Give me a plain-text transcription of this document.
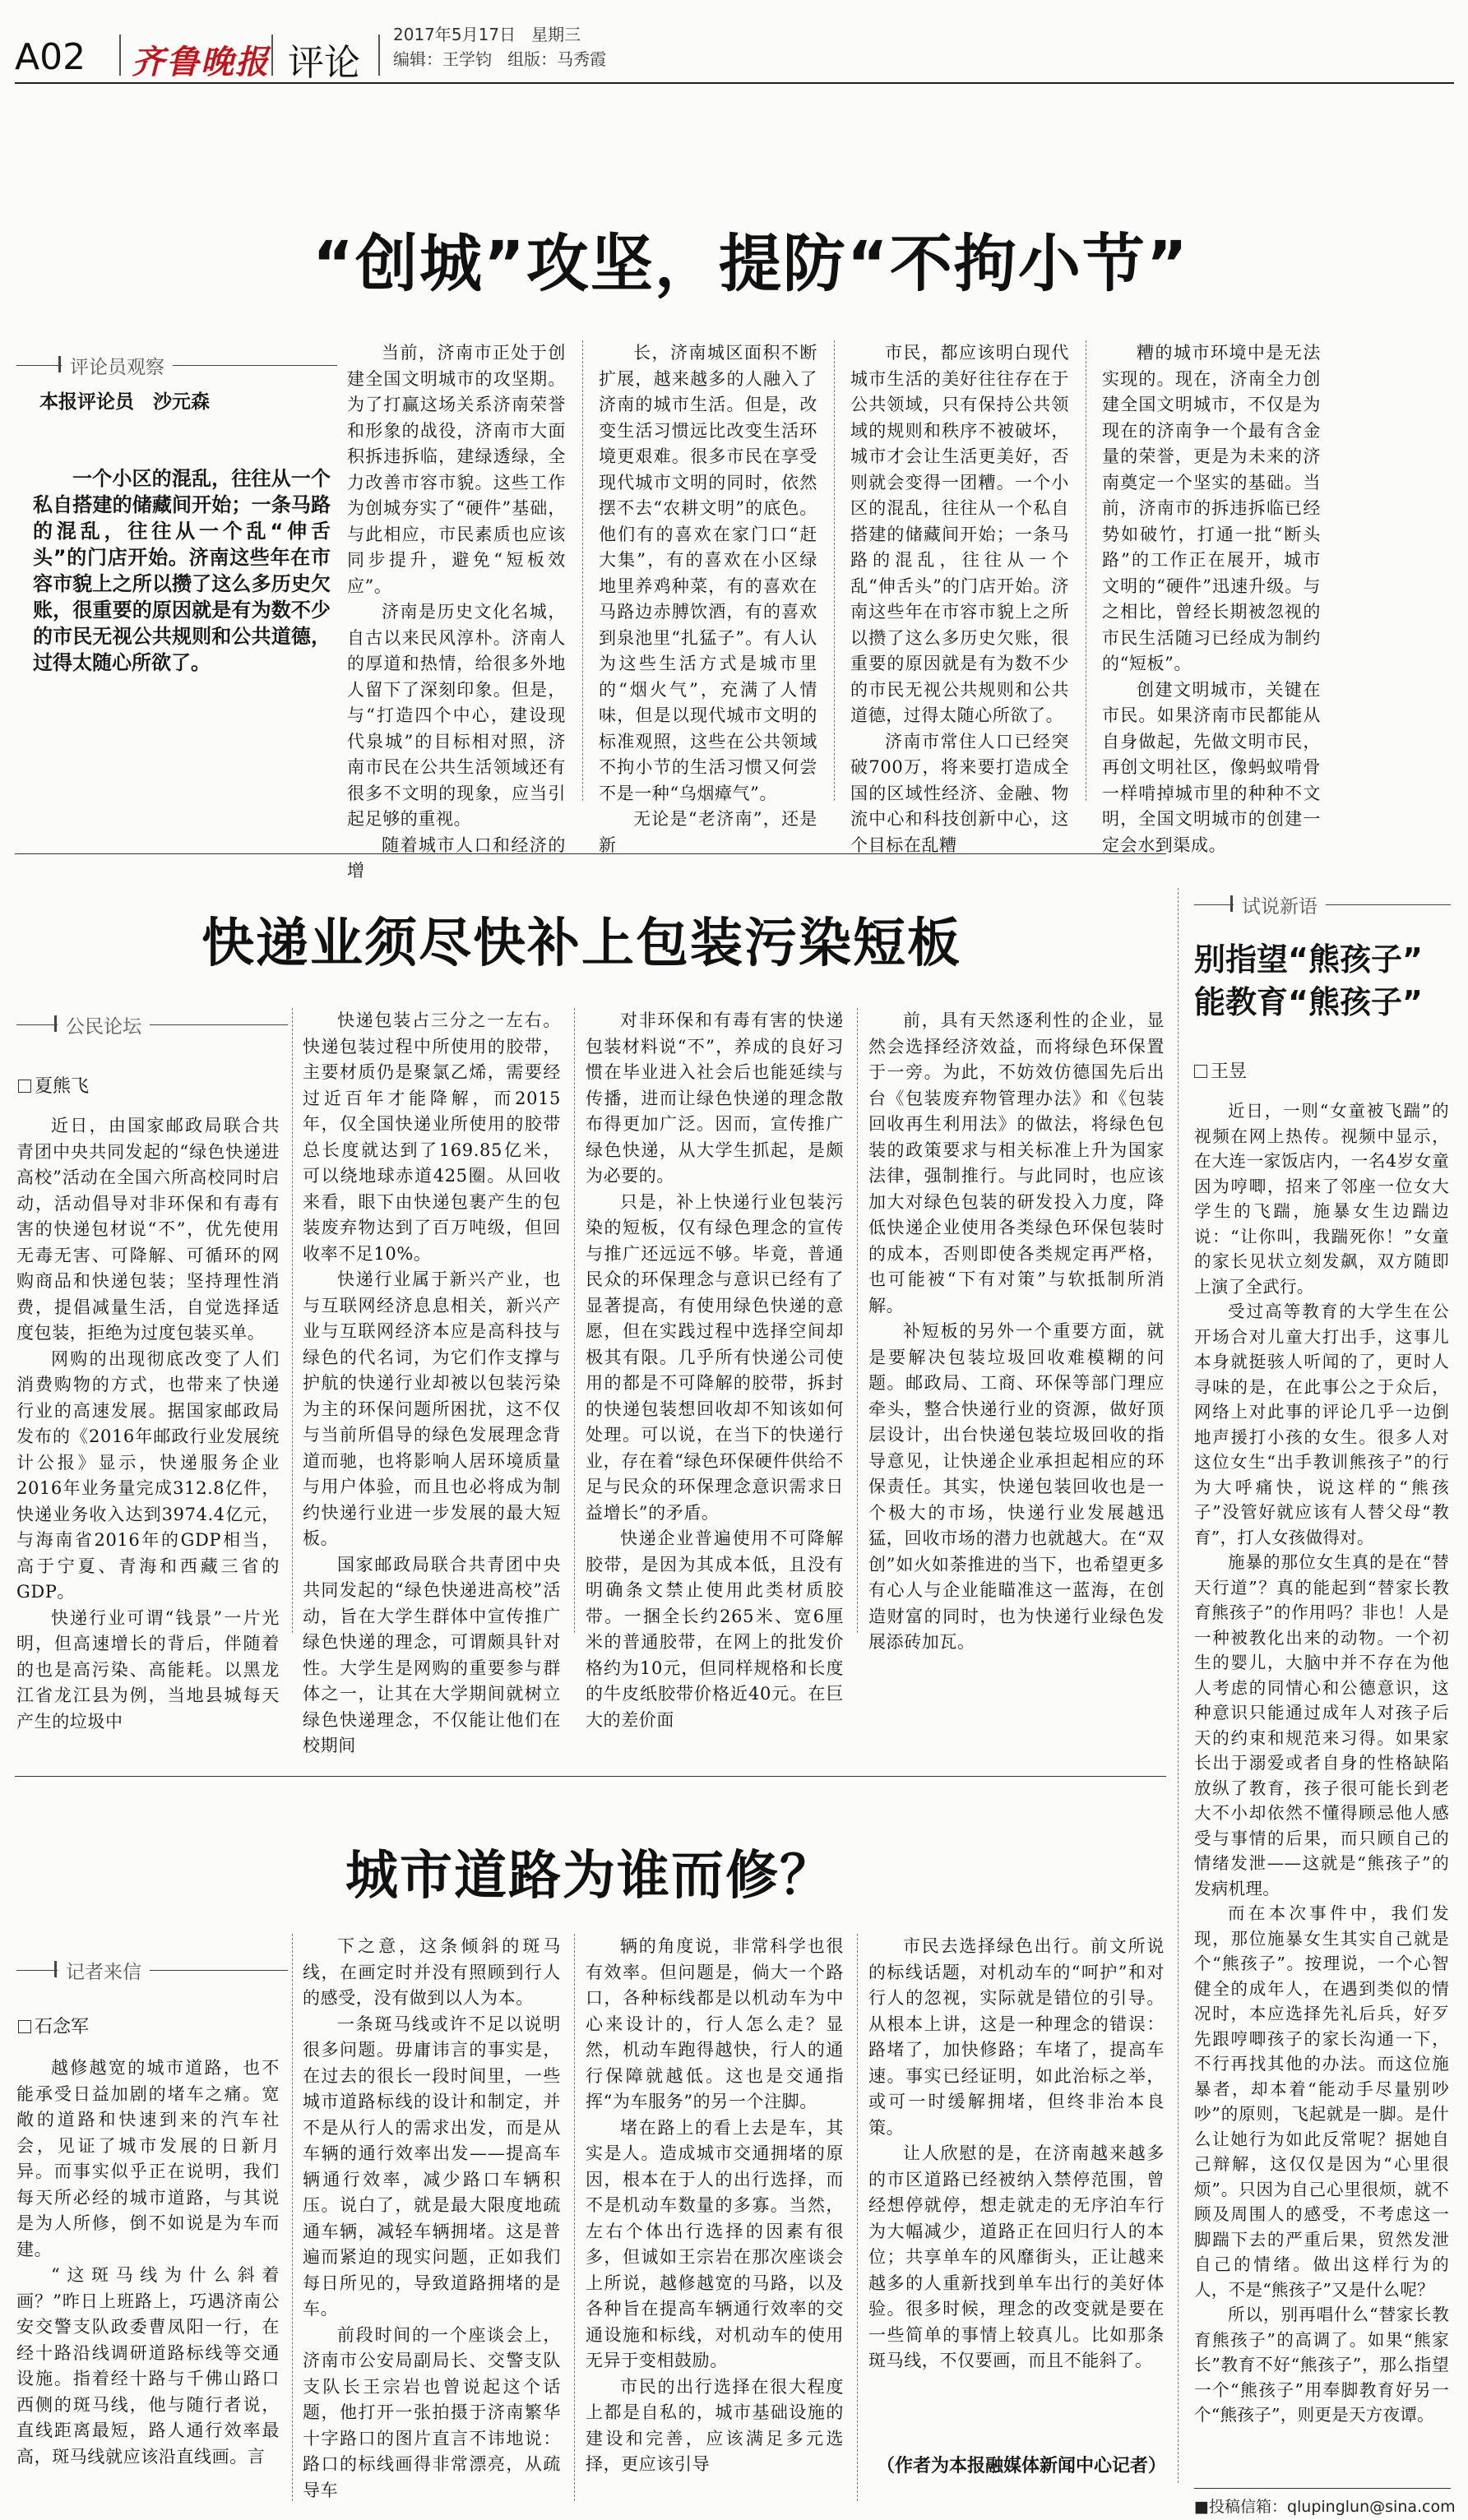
A02 齐鲁晚报 评论
2017年5月17日 星期三
编辑：王学钧 组版：马秀霞
“创城”攻坚，提防“不拘小节”
评论员观察
本报评论员　沙元森
一个小区的混乱，往往从一个私自搭建的储藏间开始；一条马路的混乱，往往从一个乱“伸舌头”的门店开始。济南这些年在市容市貌上之所以攒了这么多历史欠账，很重要的原因就是有为数不少的市民无视公共规则和公共道德，过得太随心所欲了。

当前，济南市正处于创建全国文明城市的攻坚期。为了打赢这场关系济南荣誉和形象的战役，济南市大面积拆违拆临，建绿透绿，全力改善市容市貌。这些工作为创城夯实了“硬件”基础，与此相应，市民素质也应该同步提升，避免“短板效应”。

济南是历史文化名城，自古以来民风淳朴。济南人的厚道和热情，给很多外地人留下了深刻印象。但是，与“打造四个中心，建设现代泉城”的目标相对照，济南市民在公共生活领域还有很多不文明的现象，应当引起足够的重视。

随着城市人口和经济的增

长，济南城区面积不断扩展，越来越多的人融入了济南的城市生活。但是，改变生活习惯远比改变生活环境更艰难。很多市民在享受现代城市文明的同时，依然摆不去“农耕文明”的底色。他们有的喜欢在家门口“赶大集”，有的喜欢在小区绿地里养鸡种菜，有的喜欢在马路边赤膊饮酒，有的喜欢到泉池里“扎猛子”。有人认为这些生活方式是城市里的“烟火气”，充满了人情味，但是以现代城市文明的标准观照，这些在公共领域不拘小节的生活习惯又何尝不是一种“乌烟瘴气”。

无论是“老济南”，还是新

市民，都应该明白现代城市生活的美好往往存在于公共领域，只有保持公共领域的规则和秩序不被破坏，城市才会让生活更美好，否则就会变得一团糟。一个小区的混乱，往往从一个私自搭建的储藏间开始；一条马路的混乱，往往从一个乱“伸舌头”的门店开始。济南这些年在市容市貌上之所以攒了这么多历史欠账，很重要的原因就是有为数不少的市民无视公共规则和公共道德，过得太随心所欲了。

济南市常住人口已经突破700万，将来要打造成全国的区域性经济、金融、物流中心和科技创新中心，这个目标在乱糟

糟的城市环境中是无法实现的。现在，济南全力创建全国文明城市，不仅是为现在的济南争一个最有含金量的荣誉，更是为未来的济南奠定一个坚实的基础。当前，济南市的拆违拆临已经势如破竹，打通一批“断头路”的工作正在展开，城市文明的“硬件”迅速升级。与之相比，曾经长期被忽视的市民生活随习已经成为制约的“短板”。

创建文明城市，关键在市民。如果济南市民都能从自身做起，先做文明市民，再创文明社区，像蚂蚁啃骨一样啃掉城市里的种种不文明，全国文明城市的创建一定会水到渠成。

快递业须尽快补上包装污染短板
公民论坛
夏熊飞

近日，由国家邮政局联合共青团中央共同发起的“绿色快递进高校”活动在全国六所高校同时启动，活动倡导对非环保和有毒有害的快递包材说“不”，优先使用无毒无害、可降解、可循环的网购商品和快递包装；坚持理性消费，提倡减量生活，自觉选择适度包装，拒绝为过度包装买单。

网购的出现彻底改变了人们消费购物的方式，也带来了快递行业的高速发展。据国家邮政局发布的《2016年邮政行业发展统计公报》显示，快递服务企业2016年业务量完成312.8亿件，快递业务收入达到3974.4亿元，与海南省2016年的GDP相当，高于宁夏、青海和西藏三省的GDP。

快递行业可谓“钱景”一片光明，但高速增长的背后，伴随着的也是高污染、高能耗。以黑龙江省龙江县为例，当地县城每天产生的垃圾中

快递包装占三分之一左右。快递包装过程中所使用的胶带，主要材质仍是聚氯乙烯，需要经过近百年才能降解，而2015年，仅全国快递业所使用的胶带总长度就达到了169.85亿米，可以绕地球赤道425圈。从回收来看，眼下由快递包裹产生的包装废弃物达到了百万吨级，但回收率不足10%。

快递行业属于新兴产业，也与互联网经济息息相关，新兴产业与互联网经济本应是高科技与绿色的代名词，为它们作支撑与护航的快递行业却被以包装污染为主的环保问题所困扰，这不仅与当前所倡导的绿色发展理念背道而驰，也将影响人居环境质量与用户体验，而且也必将成为制约快递行业进一步发展的最大短板。

国家邮政局联合共青团中央共同发起的“绿色快递进高校”活动，旨在大学生群体中宣传推广绿色快递的理念，可谓颇具针对性。大学生是网购的重要参与群体之一，让其在大学期间就树立绿色快递理念，不仅能让他们在校期间

对非环保和有毒有害的快递包装材料说“不”，养成的良好习惯在毕业进入社会后也能延续与传播，进而让绿色快递的理念散布得更加广泛。因而，宣传推广绿色快递，从大学生抓起，是颇为必要的。

只是，补上快递行业包装污染的短板，仅有绿色理念的宣传与推广还远远不够。毕竟，普通民众的环保理念与意识已经有了显著提高，有使用绿色快递的意愿，但在实践过程中选择空间却极其有限。几乎所有快递公司使用的都是不可降解的胶带，拆封的快递包装想回收却不知该如何处理。可以说，在当下的快递行业，存在着“绿色环保硬件供给不足与民众的环保理念意识需求日益增长”的矛盾。

快递企业普遍使用不可降解胶带，是因为其成本低，且没有明确条文禁止使用此类材质胶带。一捆全长约265米、宽6厘米的普通胶带，在网上的批发价格约为10元，但同样规格和长度的牛皮纸胶带价格近40元。在巨大的差价面

前，具有天然逐利性的企业，显然会选择经济效益，而将绿色环保置于一旁。为此，不妨效仿德国先后出台《包装废弃物管理办法》和《包装回收再生利用法》的做法，将绿色包装的政策要求与相关标准上升为国家法律，强制推行。与此同时，也应该加大对绿色包装的研发投入力度，降低快递企业使用各类绿色环保包装时的成本，否则即使各类规定再严格，也可能被“下有对策”与软抵制所消解。

补短板的另外一个重要方面，就是要解决包装垃圾回收难模糊的问题。邮政局、工商、环保等部门理应牵头，整合快递行业的资源，做好顶层设计，出台快递包装垃圾回收的指导意见，让快递企业承担起相应的环保责任。其实，快递包装回收也是一个极大的市场，快递行业发展越迅猛，回收市场的潜力也就越大。在“双创”如火如荼推进的当下，也希望更多有心人与企业能瞄准这一蓝海，在创造财富的同时，也为快递行业绿色发展添砖加瓦。

城市道路为谁而修？
记者来信
石念军

越修越宽的城市道路，也不能承受日益加剧的堵车之痛。宽敞的道路和快速到来的汽车社会，见证了城市发展的日新月异。而事实似乎正在说明，我们每天所必经的城市道路，与其说是为人所修，倒不如说是为车而建。

“这斑马线为什么斜着画？”昨日上班路上，巧遇济南公安交警支队政委曹凤阳一行，在经十路沿线调研道路标线等交通设施。指着经十路与千佛山路口西侧的斑马线，他与随行者说，直线距离最短，路人通行效率最高，斑马线就应该沿直线画。言

下之意，这条倾斜的斑马线，在画定时并没有照顾到行人的感受，没有做到以人为本。

一条斑马线或许不足以说明很多问题。毋庸讳言的事实是，在过去的很长一段时间里，一些城市道路标线的设计和制定，并不是从行人的需求出发，而是从车辆的通行效率出发——提高车辆通行效率，减少路口车辆积压。说白了，就是最大限度地疏通车辆，减轻车辆拥堵。这是普遍而紧迫的现实问题，正如我们每日所见的，导致道路拥堵的是车。

前段时间的一个座谈会上，济南市公安局副局长、交警支队支队长王宗岩也曾说起这个话题，他打开一张拍摄于济南繁华十字路口的图片直言不讳地说：路口的标线画得非常漂亮，从疏导车

辆的角度说，非常科学也很有效率。但问题是，倘大一个路口，各种标线都是以机动车为中心来设计的，行人怎么走？显然，机动车跑得越快，行人的通行保障就越低。这也是交通指挥“为车服务”的另一个注脚。

堵在路上的看上去是车，其实是人。造成城市交通拥堵的原因，根本在于人的出行选择，而不是机动车数量的多寡。当然，左右个体出行选择的因素有很多，但诚如王宗岩在那次座谈会上所说，越修越宽的马路，以及各种旨在提高车辆通行效率的交通设施和标线，对机动车的使用无异于变相鼓励。

市民的出行选择在很大程度上都是自私的，城市基础设施的建设和完善，应该满足多元选择，更应该引导

市民去选择绿色出行。前文所说的标线话题，对机动车的“呵护”和对行人的忽视，实际就是错位的引导。从根本上讲，这是一种理念的错误：路堵了，加快修路；车堵了，提高车速。事实已经证明，如此治标之举，或可一时缓解拥堵，但终非治本良策。

让人欣慰的是，在济南越来越多的市区道路已经被纳入禁停范围，曾经想停就停，想走就走的无序泊车行为大幅减少，道路正在回归行人的本位；共享单车的风靡街头，正让越来越多的人重新找到单车出行的美好体验。很多时候，理念的改变就是要在一些简单的事情上较真儿。比如那条斑马线，不仅要画，而且不能斜了。

（作者为本报融媒体新闻中心记者）
试说新语
别指望“熊孩子”
能教育“熊孩子”
王昱

近日，一则“女童被飞踹”的视频在网上热传。视频中显示，在大连一家饭店内，一名4岁女童因为哼唧，招来了邻座一位女大学生的飞踹，施暴女生边踹边说：“让你叫，我踹死你！”女童的家长见状立刻发飙，双方随即上演了全武行。

受过高等教育的大学生在公开场合对儿童大打出手，这事儿本身就挺骇人听闻的了，更时人寻味的是，在此事公之于众后，网络上对此事的评论几乎一边倒地声援打小孩的女生。很多人对这位女生“出手教训熊孩子”的行为大呼痛快，说这样的“熊孩子”没管好就应该有人替父母“教育”，打人女孩做得对。

施暴的那位女生真的是在“替天行道”？真的能起到“替家长教育熊孩子”的作用吗？非也！人是一种被教化出来的动物。一个初生的婴儿，大脑中并不存在为他人考虑的同情心和公德意识，这种意识只能通过成年人对孩子后天的约束和规范来习得。如果家长出于溺爱或者自身的性格缺陷放纵了教育，孩子很可能长到老大不小却依然不懂得顾忌他人感受与事情的后果，而只顾自己的情绪发泄——这就是“熊孩子”的发病机理。

而在本次事件中，我们发现，那位施暴女生其实自己就是个“熊孩子”。按理说，一个心智健全的成年人，在遇到类似的情况时，本应选择先礼后兵，好歹先跟哼唧孩子的家长沟通一下，不行再找其他的办法。而这位施暴者，却本着“能动手尽量别吵吵”的原则，飞起就是一脚。是什么让她行为如此反常呢？据她自己辩解，这仅仅是因为“心里很烦”。只因为自己心里很烦，就不顾及周围人的感受，不考虑这一脚踹下去的严重后果，贸然发泄自己的情绪。做出这样行为的人，不是“熊孩子”又是什么呢？

所以，别再唱什么“替家长教育熊孩子”的高调了。如果“熊家长”教育不好“熊孩子”，那么指望一个“熊孩子”用奉脚教育好另一个“熊孩子”，则更是天方夜谭。

■投稿信箱：qlupinglun@sina.com
